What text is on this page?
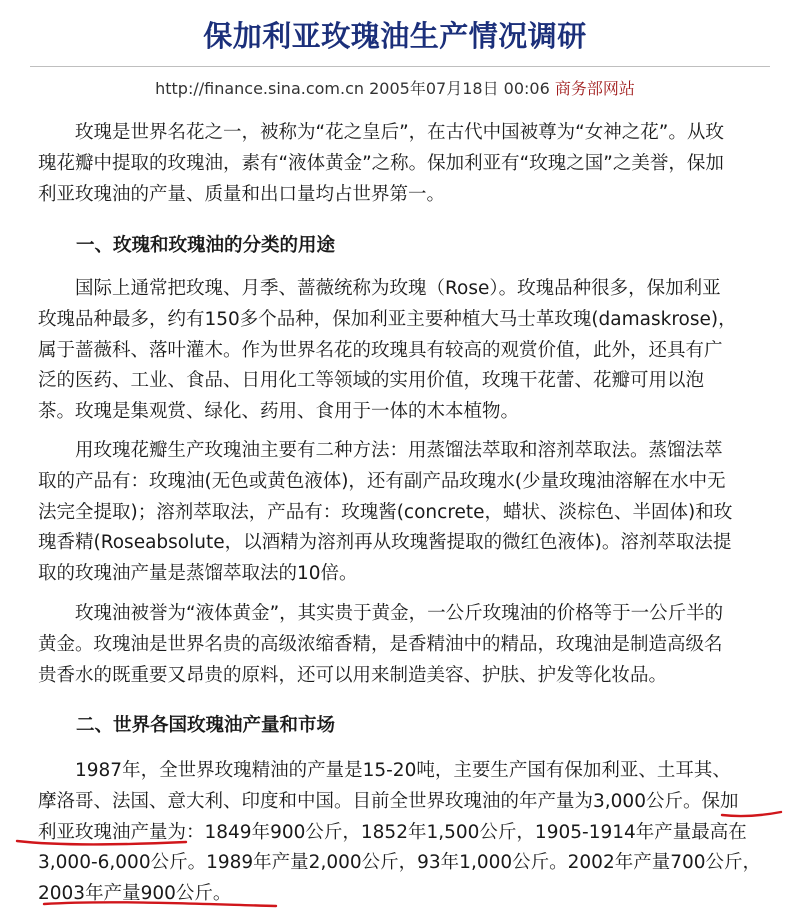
保加利亚玫瑰油生产情况调研
http://finance.sina.com.cn 2005年07月18日 00:06 商务部网站
　　玫瑰是世界名花之一，被称为“花之皇后”，在古代中国被尊为“女神之花”。从玫
瑰花瓣中提取的玫瑰油，素有“液体黄金”之称。保加利亚有“玫瑰之国”之美誉，保加
利亚玫瑰油的产量、质量和出口量均占世界第一。
一、玫瑰和玫瑰油的分类的用途
　　国际上通常把玫瑰、月季、蔷薇统称为玫瑰（Rose）。玫瑰品种很多，保加利亚
玫瑰品种最多，约有150多个品种，保加利亚主要种植大马士革玫瑰(damaskrose)，
属于蔷薇科、落叶灌木。作为世界名花的玫瑰具有较高的观赏价值，此外，还具有广
泛的医药、工业、食品、日用化工等领域的实用价值，玫瑰干花蕾、花瓣可用以泡
茶。玫瑰是集观赏、绿化、药用、食用于一体的木本植物。
　　用玫瑰花瓣生产玫瑰油主要有二种方法：用蒸馏法萃取和溶剂萃取法。蒸馏法萃
取的产品有：玫瑰油(无色或黄色液体)，还有副产品玫瑰水(少量玫瑰油溶解在水中无
法完全提取)；溶剂萃取法，产品有：玫瑰酱(concrete，蜡状、淡棕色、半固体)和玫
瑰香精(Roseabsolute，以酒精为溶剂再从玫瑰酱提取的微红色液体)。溶剂萃取法提
取的玫瑰油产量是蒸馏萃取法的10倍。
　　玫瑰油被誉为“液体黄金”，其实贵于黄金，一公斤玫瑰油的价格等于一公斤半的
黄金。玫瑰油是世界名贵的高级浓缩香精，是香精油中的精品，玫瑰油是制造高级名
贵香水的既重要又昂贵的原料，还可以用来制造美容、护肤、护发等化妆品。
二、世界各国玫瑰油产量和市场
　　1987年，全世界玫瑰精油的产量是15-20吨，主要生产国有保加利亚、土耳其、
摩洛哥、法国、意大利、印度和中国。目前全世界玫瑰油的年产量为3,000公斤。保加
利亚玫瑰油产量为：1849年900公斤，1852年1,500公斤，1905-1914年产量最高在
3,000-6,000公斤。1989年产量2,000公斤，93年1,000公斤。2002年产量700公斤，
2003年产量900公斤。
